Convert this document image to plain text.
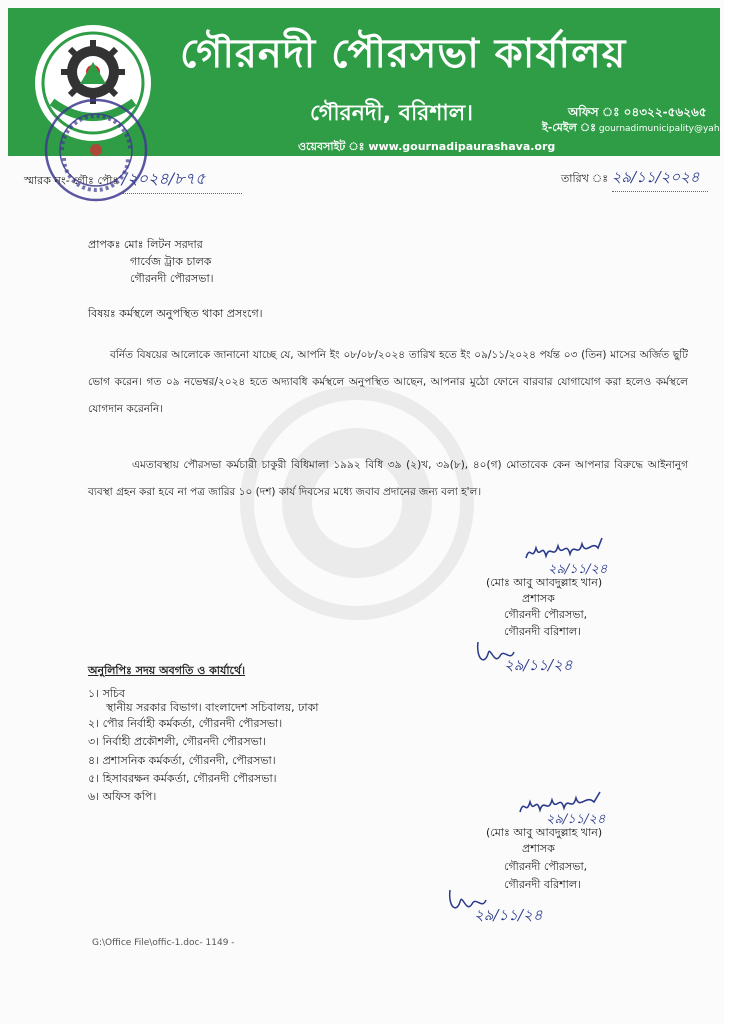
গৌরনদী পৌরসভা কার্যালয়
গৌরনদী, বরিশাল।	অফিস ঃ ০৪৩২২-৫৬২৬৫
ই-মেইল ঃ gournadimunicipality@yahoo.com
ওয়েবসাইট ঃ www.gournadipaurashava.org
স্মারক নং- গৌঃ পৌঃ /২০২৪/৮৭৫	তারিখ ঃ ২৯/১১/২০২৪
প্রাপকঃ মোঃ লিটন সরদার
গার্বেজ ট্রাক চালক
গৌরনদী পৌরসভা।
বিষয়ঃ কর্মস্থলে অনুপস্থিত থাকা প্রসংগে।
বর্নিত বিষয়ের আলোকে জানানো যাচ্ছে যে, আপনি ইং ০৮/০৮/২০২৪ তারিখ হতে ইং ০৯/১১/২০২৪ পর্যন্ত ০৩ (তিন) মাসের অর্জিত ছুটি ভোগ করেন। গত ০৯ নভেম্বর/২০২৪ হতে অদ্যাবধি কর্মস্থলে অনুপস্থিত আছেন, আপনার মুঠো ফোনে বারবার যোগাযোগ করা হলেও কর্মস্থলে যোগদান করেননি।
এমতাবস্থায় পৌরসভা কর্মচারী চাকুরী বিধিমালা ১৯৯২ বিধি ৩৯ (২)খ, ৩৯(৮), ৪০(গ) মোতাবেক কেন আপনার বিরুদ্ধে আইনানুগ ব্যবস্থা গ্রহন করা হবে না পত্র জারির ১০ (দশ) কার্য দিবসের মধ্যে জবাব প্রদানের জন্য বলা হ'ল।
২৯/১১/২৪
(মোঃ আবু আবদুল্লাহ খান)
প্রশাসক
গৌরনদী পৌরসভা,
গৌরনদী বরিশাল।
২৯/১১/২৪
অনুলিপিঃ সদয় অবগতি ও কার্যার্থে।
১। সচিব
স্থানীয় সরকার বিভাগ। বাংলাদেশ সচিবালয়, ঢাকা
২। পৌর নির্বাহী কর্মকর্তা, গৌরনদী পৌরসভা।
৩। নির্বাহী প্রকৌশলী, গৌরনদী পৌরসভা।
৪। প্রশাসনিক কর্মকর্তা, গৌরনদী, পৌরসভা।
৫। হিসাবরক্ষন কর্মকর্তা, গৌরনদী পৌরসভা।
৬। অফিস কপি।
২৯/১১/২৪
(মোঃ আবু আবদুল্লাহ খান)
প্রশাসক
গৌরনদী পৌরসভা,
গৌরনদী বরিশাল।
২৯/১১/২৪
G:\Office File\offic-1.doc- 1149 -
